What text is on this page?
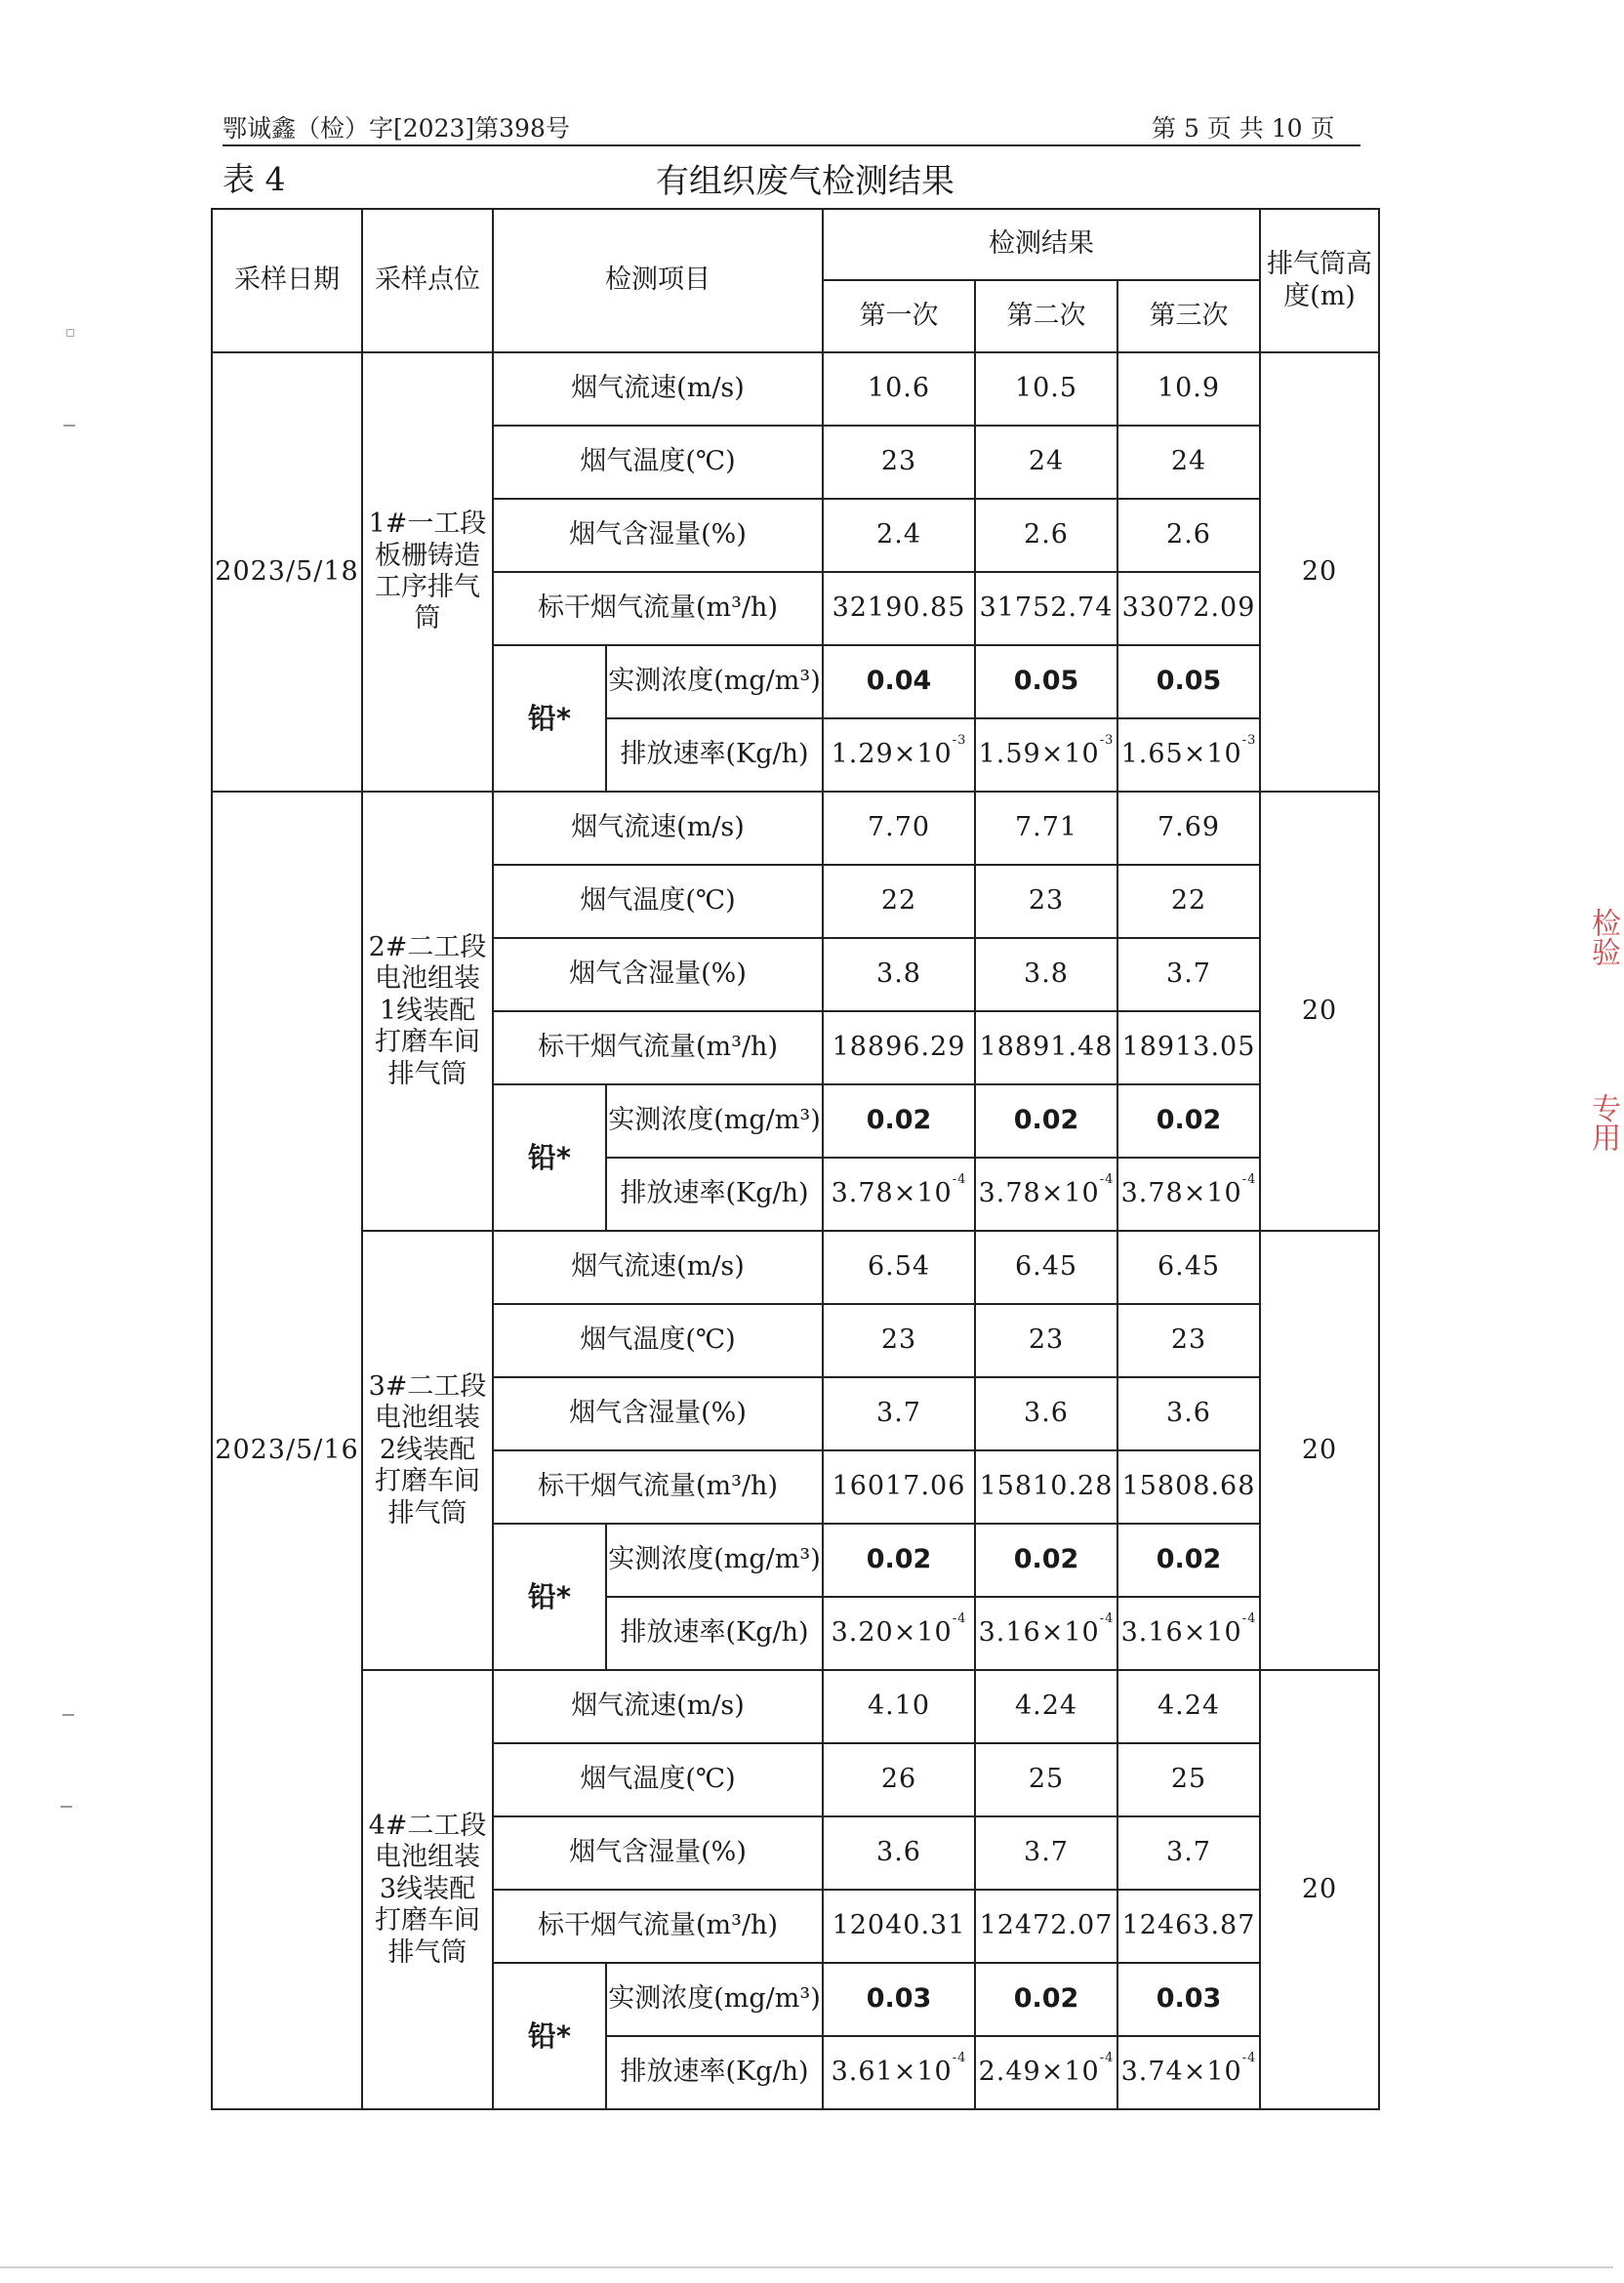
鄂诚鑫（检）字[2023]第398号	第 5 页 共 10 页
表 4	有组织废气检测结果
采样日期	采样点位	检测项目		检测结果			排气筒高度(m)
				第一次	第二次	第三次	
2023/5/18	1#一工段板栅铸造工序排气筒	烟气流速(m/s)		10.6	10.5	10.9	20
		烟气温度(℃)		23	24	24	
		烟气含湿量(%)		2.4	2.6	2.6	
		标干烟气流量(m³/h)		32190.85	31752.74	33072.09	
		铅*	实测浓度(mg/m³)	0.04	0.05	0.05	
			排放速率(Kg/h)	$1.29\times 10^{-3}$	$1.59\times 10^{-3}$	$1.65\times 10^{-3}$
2023/5/16	2#二工段电池组装1线装配打磨车间排气筒	烟气流速(m/s)		7.70	7.71	7.69	20
		烟气温度(℃)		22	23	22	
		烟气含湿量(%)		3.8	3.8	3.7	
		标干烟气流量(m³/h)		18896.29	18891.48	18913.05	
		铅*	实测浓度(mg/m³)	0.02	0.02	0.02	
			排放速率(Kg/h)	$3.78\times 10^{-4}$	$3.78\times 10^{-4}$	$3.78\times 10^{-4}$
	3#二工段电池组装2线装配打磨车间排气筒	烟气流速(m/s)		6.54	6.45	6.45	20
		烟气温度(℃)		23	23	23	
		烟气含湿量(%)		3.7	3.6	3.6	
		标干烟气流量(m³/h)		16017.06	15810.28	15808.68	
		铅*	实测浓度(mg/m³)	0.02	0.02	0.02	
			排放速率(Kg/h)	$3.20\times 10^{-4}$	$3.16\times 10^{-4}$	$3.16\times 10^{-4}$
	4#二工段电池组装3线装配打磨车间排气筒	烟气流速(m/s)		4.10	4.24	4.24	20
		烟气温度(℃)		26	25	25	
		烟气含湿量(%)		3.6	3.7	3.7	
		标干烟气流量(m³/h)		12040.31	12472.07	12463.87	
		铅*	实测浓度(mg/m³)	0.03	0.02	0.03	
			排放速率(Kg/h)	$3.61\times 10^{-4}$	$2.49\times 10^{-4}$	$3.74\times 10^{-4}$
检验
专用
